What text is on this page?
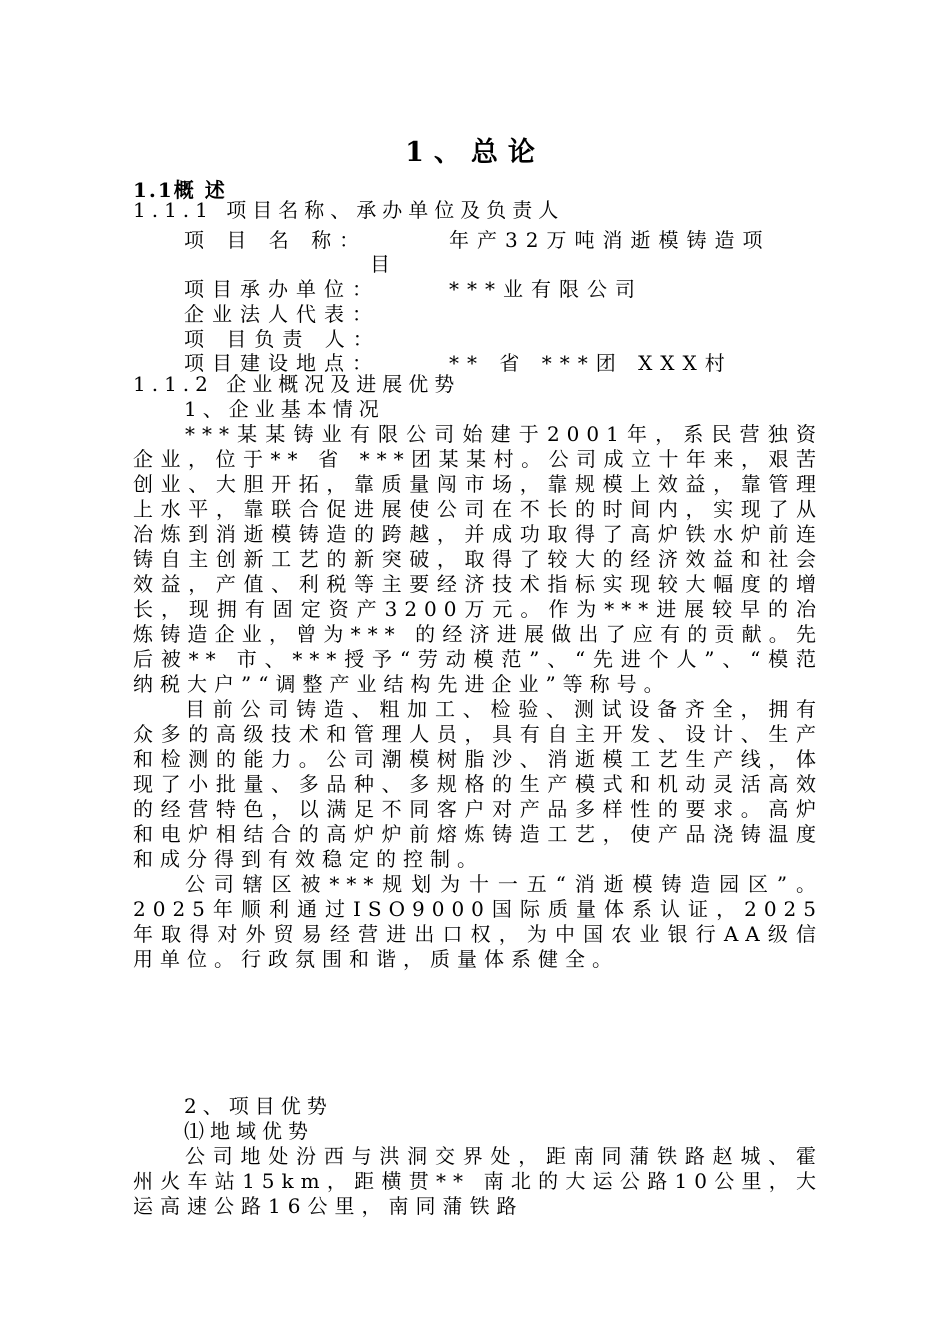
1、总论
1.1概 述
1.1.1 项目名称、承办单位及负责人
项 目 名 称：	年产32万吨消逝模铸造项
目
项目承办单位：	***业有限公司
企业法人代表：
项 目负责 人：
项目建设地点：	** 省 ***团 XXX村
1.1.2 企业概况及进展优势
1、企业基本情况

***某某铸业有限公司始建于2001年，系民营独资企业，位于** 省 ***团某某村。公司成立十年来，艰苦创业、大胆开拓，靠质量闯市场，靠规模上效益，靠管理上水平，靠联合促进展使公司在不长的时间内，实现了从冶炼到消逝模铸造的跨越，并成功取得了高炉铁水炉前连铸自主创新工艺的新突破，取得了较大的经济效益和社会效益，产值、利税等主要经济技术指标实现较大幅度的增长，现拥有固定资产3200万元。作为***进展较早的冶炼铸造企业，曾为*** 的经济进展做出了应有的贡献。先后被** 市、***授予“劳动模范”、“先进个人”、“模范纳税大户”“调整产业结构先进企业”等称号。

目前公司铸造、粗加工、检验、测试设备齐全，拥有众多的高级技术和管理人员，具有自主开发、设计、生产和检测的能力。公司潮模树脂沙、消逝模工艺生产线，体现了小批量、多品种、多规格的生产模式和机动灵活高效的经营特色，以满足不同客户对产品多样性的要求。高炉和电炉相结合的高炉炉前熔炼铸造工艺，使产品浇铸温度和成分得到有效稳定的控制。

公司辖区被***规划为十一五“消逝模铸造园区”。2025年顺利通过ISO9000国际质量体系认证，2025年取得对外贸易经营进出口权，为中国农业银行AA级信用单位。行政氛围和谐，质量体系健全。

2、项目优势
⑴地域优势

公司地处汾西与洪洞交界处，距南同蒲铁路赵城、霍州火车站15km，距横贯** 南北的大运公路10公里，大运高速公路16公里，南同蒲铁路
